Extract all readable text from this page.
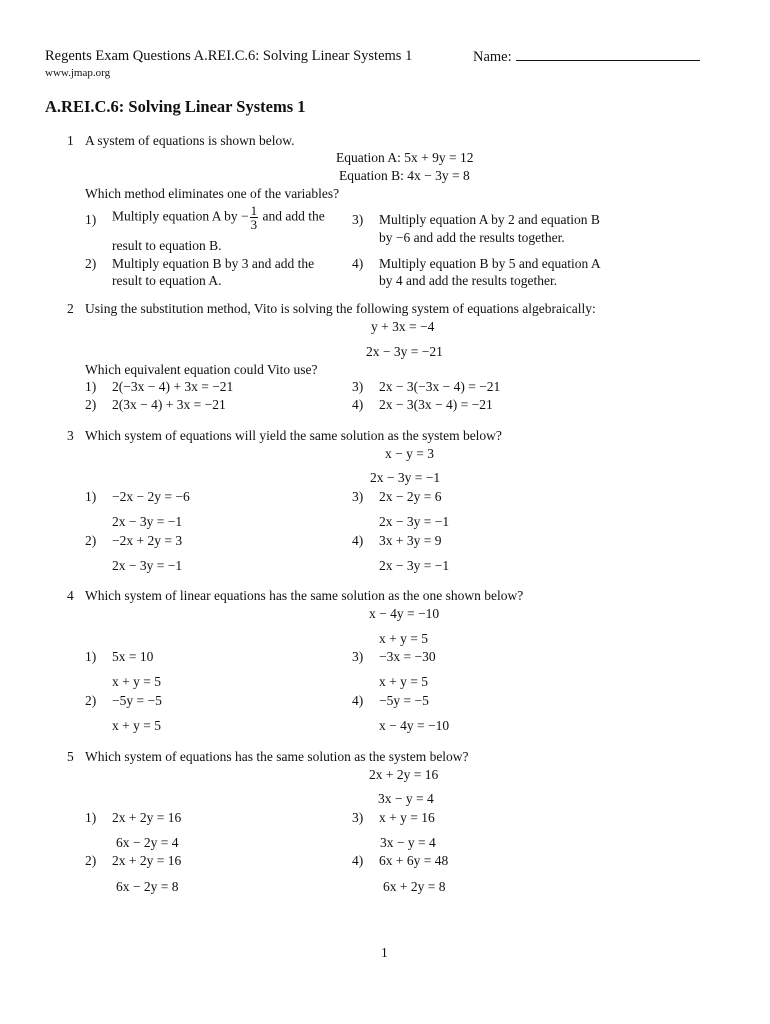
Regents Exam Questions A.REI.C.6: Solving Linear Systems 1	Name:
www.jmap.org
A.REI.C.6: Solving Linear Systems 1
1 A system of equations is shown below.
Equation A: 5x + 9y = 12
Equation B: 4x − 3y = 8
Which method eliminates one of the variables?
1) Multiply equation A by − $\frac{1}{3}$ and add the
result to equation B.
2) Multiply equation B by 3 and add the
result to equation A.
3) Multiply equation A by 2 and equation B
by −6 and add the results together.
4) Multiply equation B by 5 and equation A
by 4 and add the results together.
2 Using the substitution method, Vito is solving the following system of equations algebraically:
y + 3x = −4
2x − 3y = −21
Which equivalent equation could Vito use?
1) 2(−3x − 4) + 3x = −21
2) 2(3x − 4) + 3x = −21
3) 2x − 3(−3x − 4) = −21
4) 2x − 3(3x − 4) = −21
3 Which system of equations will yield the same solution as the system below?
x − y = 3
2x − 3y = −1
1) −2x − 2y = −6
2x − 3y = −1
2) −2x + 2y = 3
2x − 3y = −1
3) 2x − 2y = 6
2x − 3y = −1
4) 3x + 3y = 9
2x − 3y = −1
4 Which system of linear equations has the same solution as the one shown below?
x − 4y = −10
x + y = 5
1) 5x = 10
x + y = 5
2) −5y = −5
x + y = 5
3) −3x = −30
x + y = 5
4) −5y = −5
x − 4y = −10
5 Which system of equations has the same solution as the system below?
2x + 2y = 16
3x − y = 4
1) 2x + 2y = 16
6x − 2y = 4
2) 2x + 2y = 16
6x − 2y = 8
3) x + y = 16
3x − y = 4
4) 6x + 6y = 48
6x + 2y = 8
1
